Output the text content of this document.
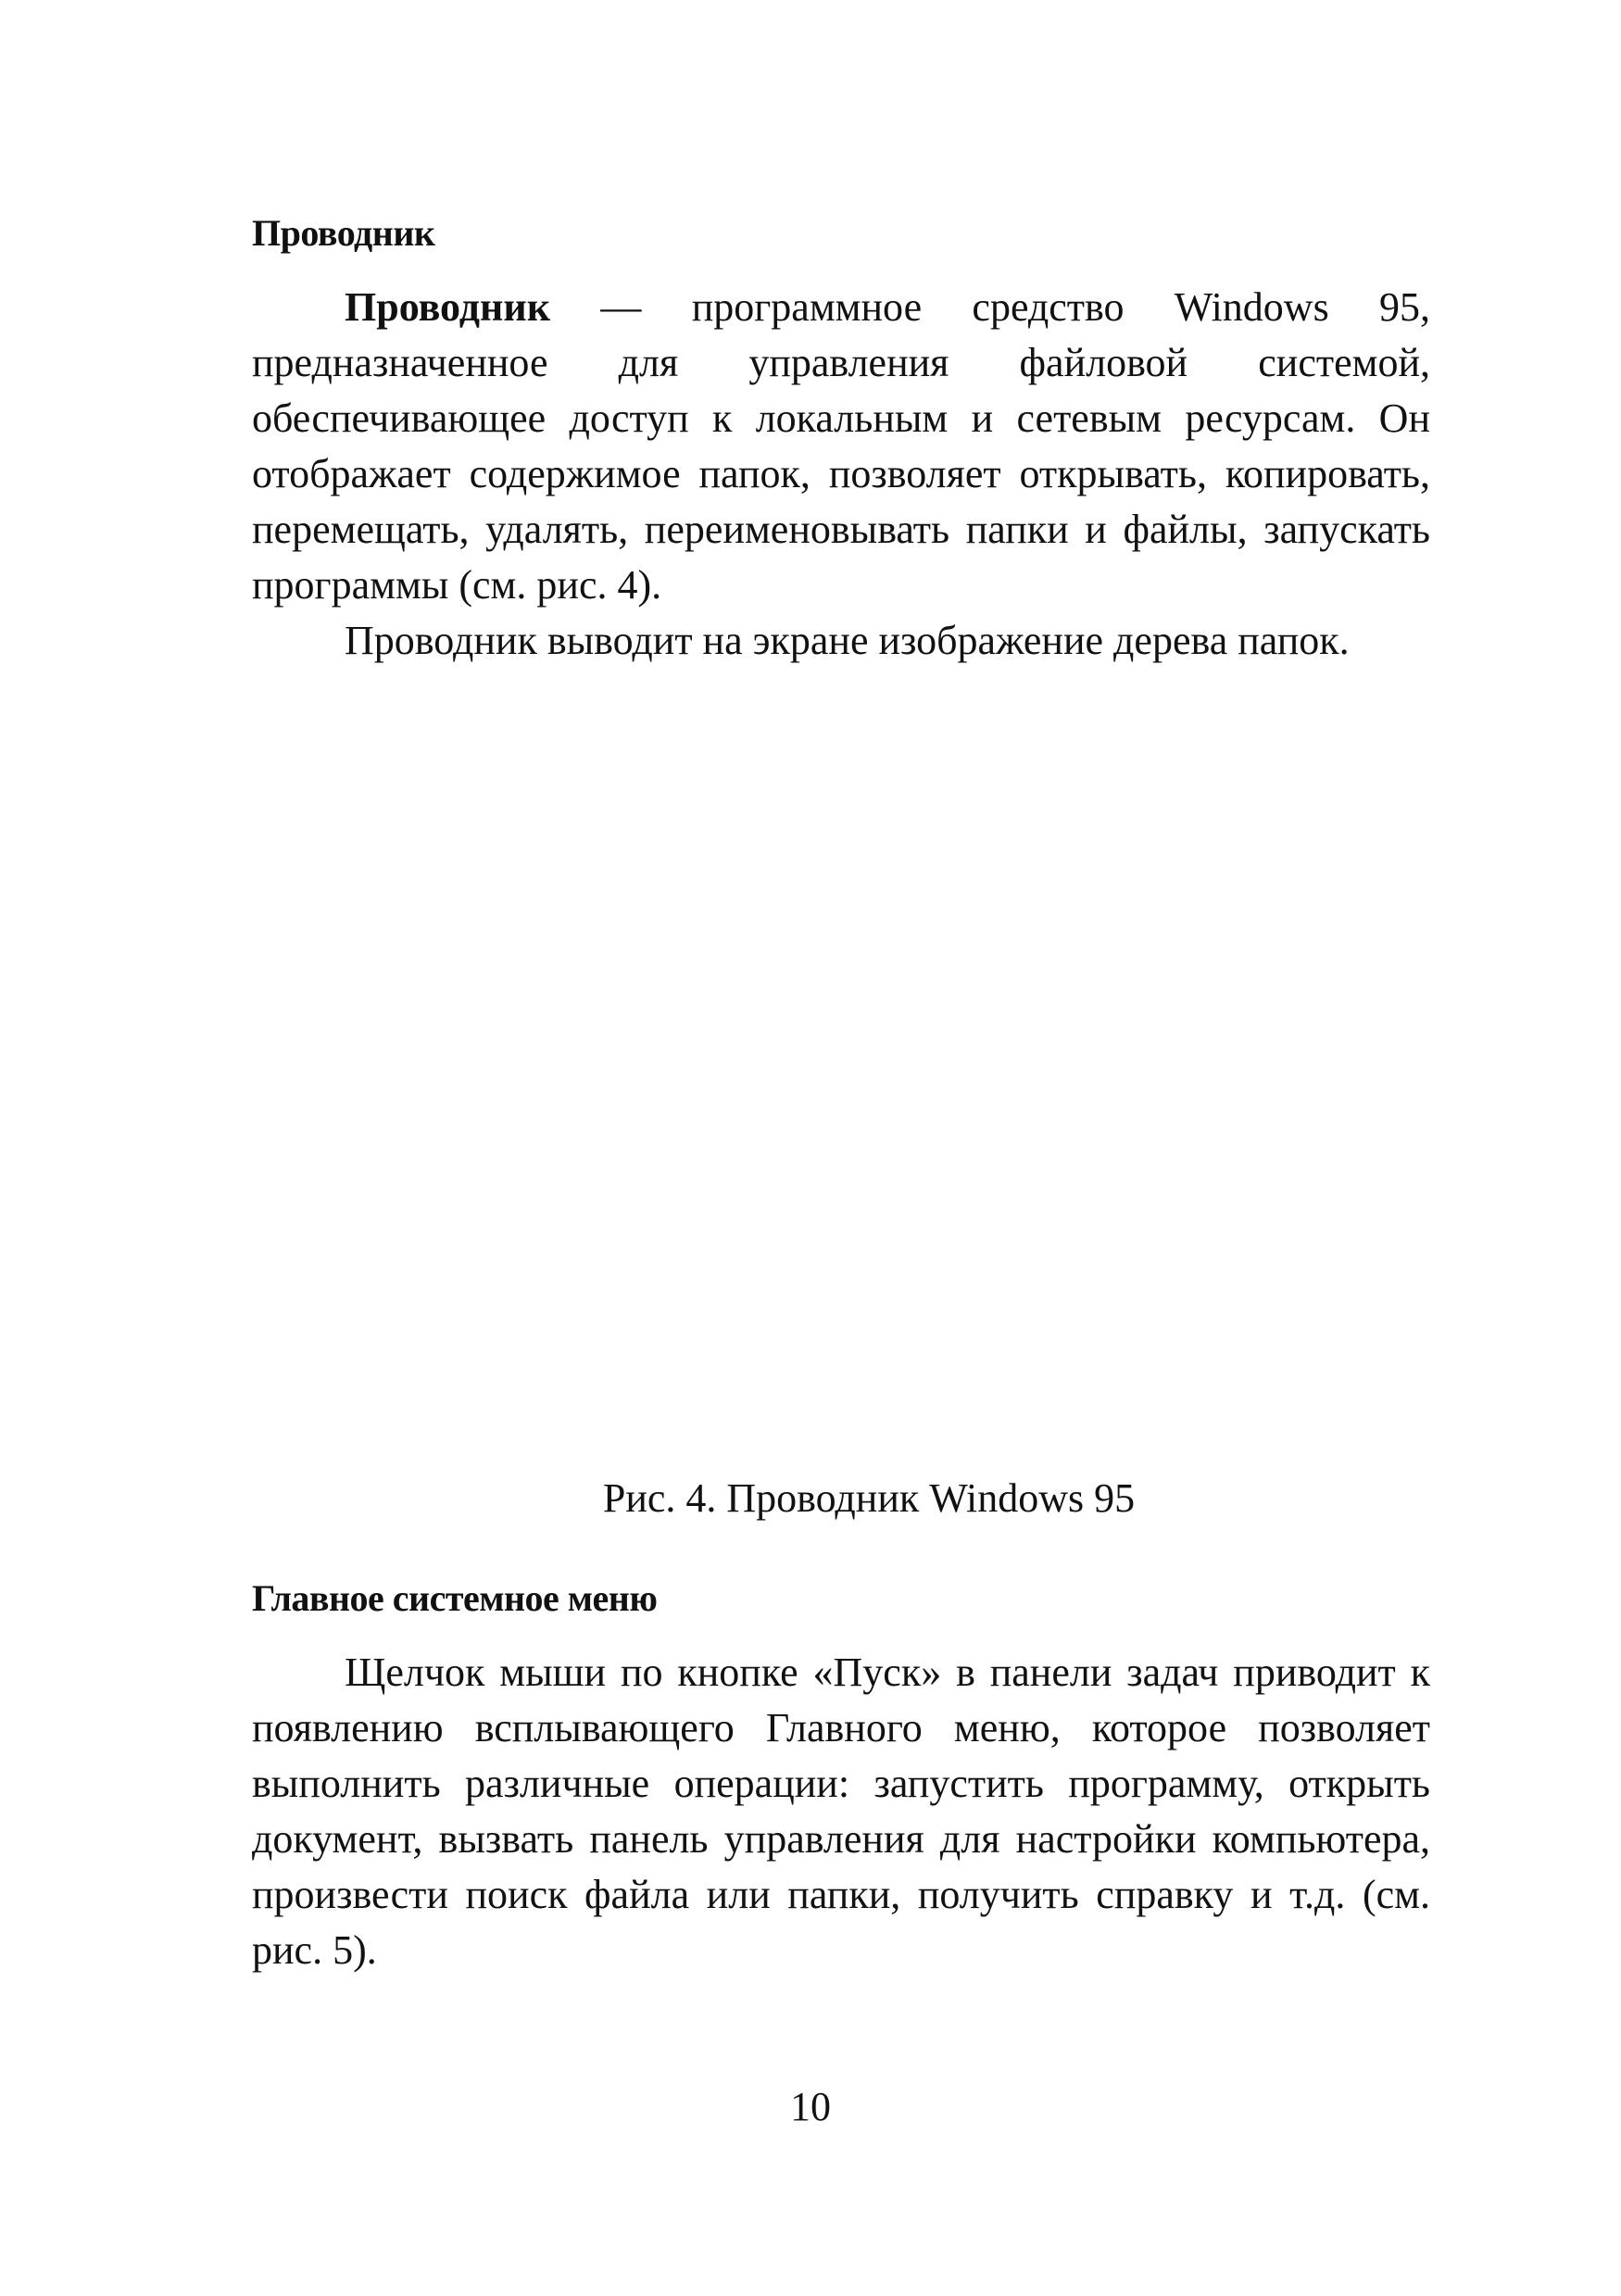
Проводник

Проводник — программное средство Windows 95, предназначенное для управления файловой системой, обеспечивающее доступ к локальным и сетевым ресурсам. Он отображает содержимое папок, позволяет открывать, копировать, перемещать, удалять, переименовывать папки и файлы, запускать программы (см. рис. 4).

Проводник выводит на экране изображение дерева папок.

Рис. 4. Проводник Windows 95
Главное системное меню

Щелчок мыши по кнопке «Пуск» в панели задач приводит к появлению всплывающего Главного меню, которое позволяет выполнить различные операции: запустить программу, открыть документ, вызвать панель управления для настройки компьютера, произвести поиск файла или папки, получить справку и т.д. (см. рис. 5).

10
